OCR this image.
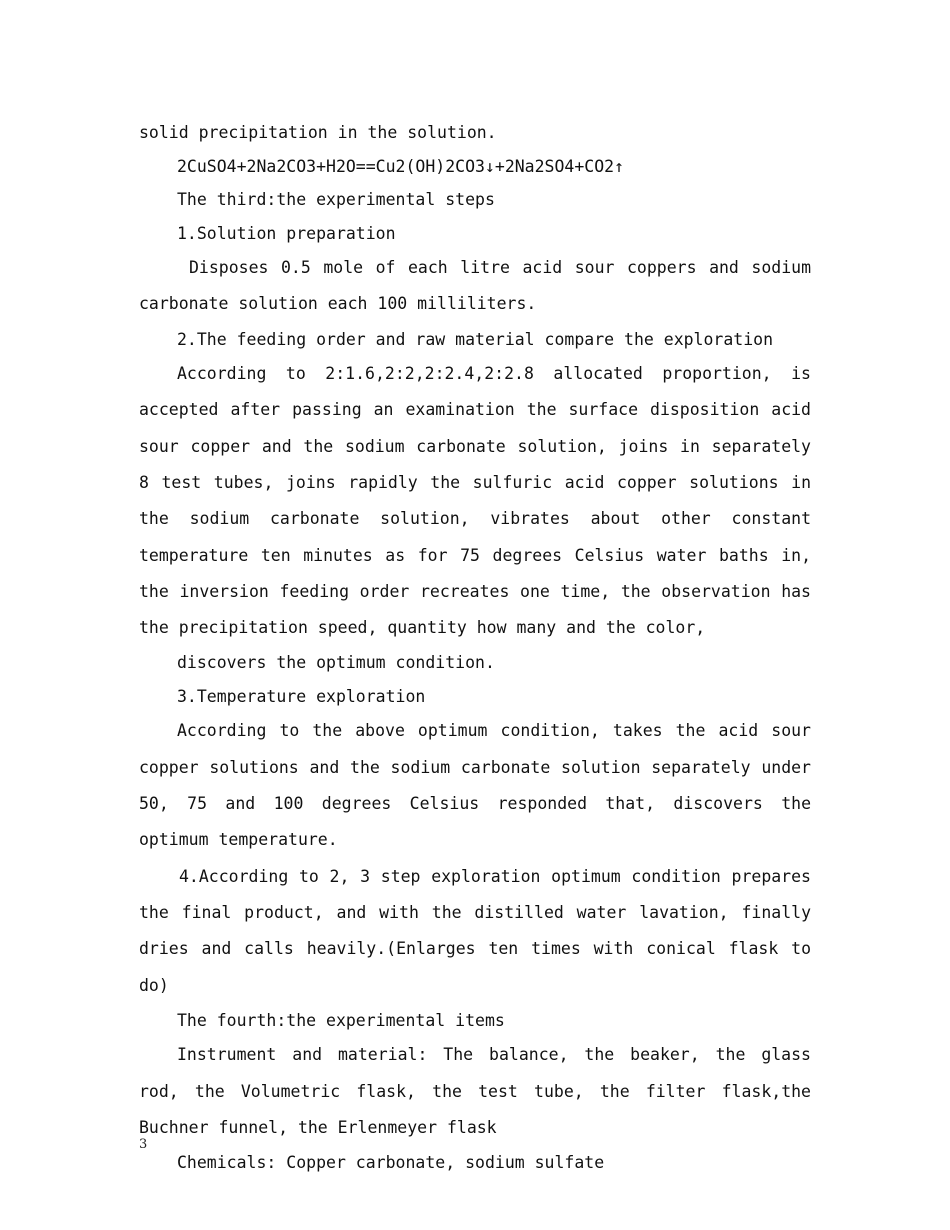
solid precipitation in the solution.

2CuSO4+2Na2CO3+H2O==Cu2(OH)2CO3↓+2Na2SO4+CO2↑

The third:the experimental steps

1.Solution preparation

Disposes 0.5 mole of each litre acid sour coppers and sodium carbonate solution each 100 milliliters.

2.The feeding order and raw material compare the exploration

According to 2:1.6,2:2,2:2.4,2:2.8 allocated proportion, is accepted after passing an examination the surface disposition acid sour copper and the sodium carbonate solution, joins in separately 8 test tubes, joins rapidly the sulfuric acid copper solutions in the sodium carbonate solution, vibrates about other constant temperature ten minutes as for 75 degrees Celsius water baths in, the inversion feeding order recreates one time, the observation has the precipitation speed, quantity how many and the color,

discovers the optimum condition.

3.Temperature exploration

According to the above optimum condition, takes the acid sour copper solutions and the sodium carbonate solution separately under 50, 75 and 100 degrees Celsius responded that, discovers the optimum temperature.

4.According to 2, 3 step exploration optimum condition prepares the final product, and with the distilled water lavation, finally dries and calls heavily.(Enlarges ten times with conical flask to do)

The fourth:the experimental items

Instrument and material: The balance, the beaker, the glass rod, the Volumetric flask, the test tube, the filter flask,the Buchner funnel, the Erlenmeyer flask

Chemicals: Copper carbonate, sodium sulfate

3
